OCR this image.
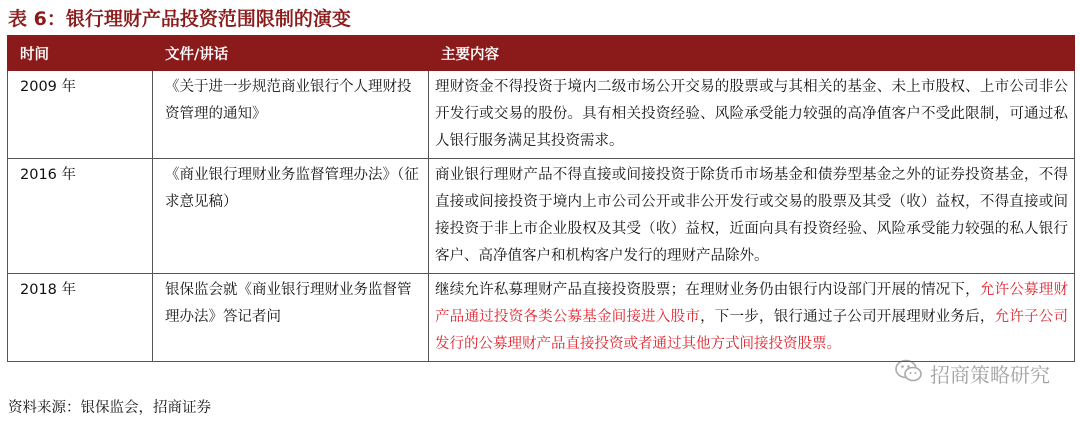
表 6：银行理财产品投资范围限制的演变
时间	文件/讲话	主要内容
2009 年	《关于进一步规范商业银行个人理财投资管理的通知》	理财资金不得投资于境内二级市场公开交易的股票或与其相关的基金、未上市股权、上市公司非公开发行或交易的股份。具有相关投资经验、风险承受能力较强的高净值客户不受此限制，可通过私人银行服务满足其投资需求。
2016 年	《商业银行理财业务监督管理办法》（征求意见稿）	商业银行理财产品不得直接或间接投资于除货币市场基金和债券型基金之外的证券投资基金，不得直接或间接投资于境内上市公司公开或非公开发行或交易的股票及其受（收）益权，不得直接或间接投资于非上市企业股权及其受（收）益权，近面向具有投资经验、风险承受能力较强的私人银行客户、高净值客户和机构客户发行的理财产品除外。
2018 年	银保监会就《商业银行理财业务监督管理办法》答记者问	继续允许私募理财产品直接投资股票；在理财业务仍由银行内设部门开展的情况下，允许公募理财产品通过投资各类公募基金间接进入股市，下一步，银行通过子公司开展理财业务后，允许子公司发行的公募理财产品直接投资或者通过其他方式间接投资股票。
招商策略研究
资料来源：银保监会，招商证券
